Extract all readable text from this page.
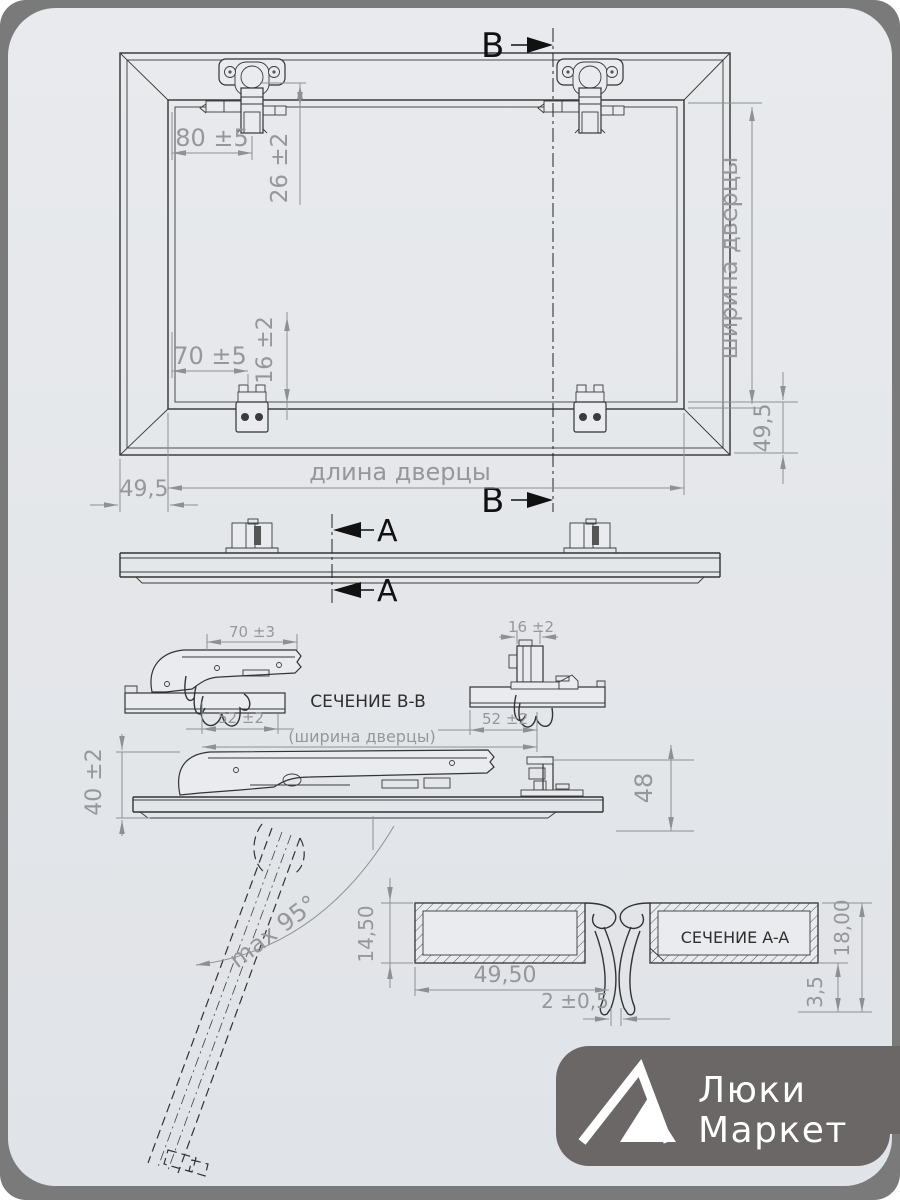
B
B
80 ±5 26 ±2
70 ±5 16 ±2	ширина дверцы
49,5
49,5
длина дверцы
A
A
70 ±3
52 ±2
СЕЧЕНИЕ B-B
16 ±2
52 ±2
(ширина дверцы)
40 ±2	48
max 95°	СЕЧЕНИЕ A-A
14,50
49,50
2 ±0,5
18,00
3,5
Люки
Маркет
